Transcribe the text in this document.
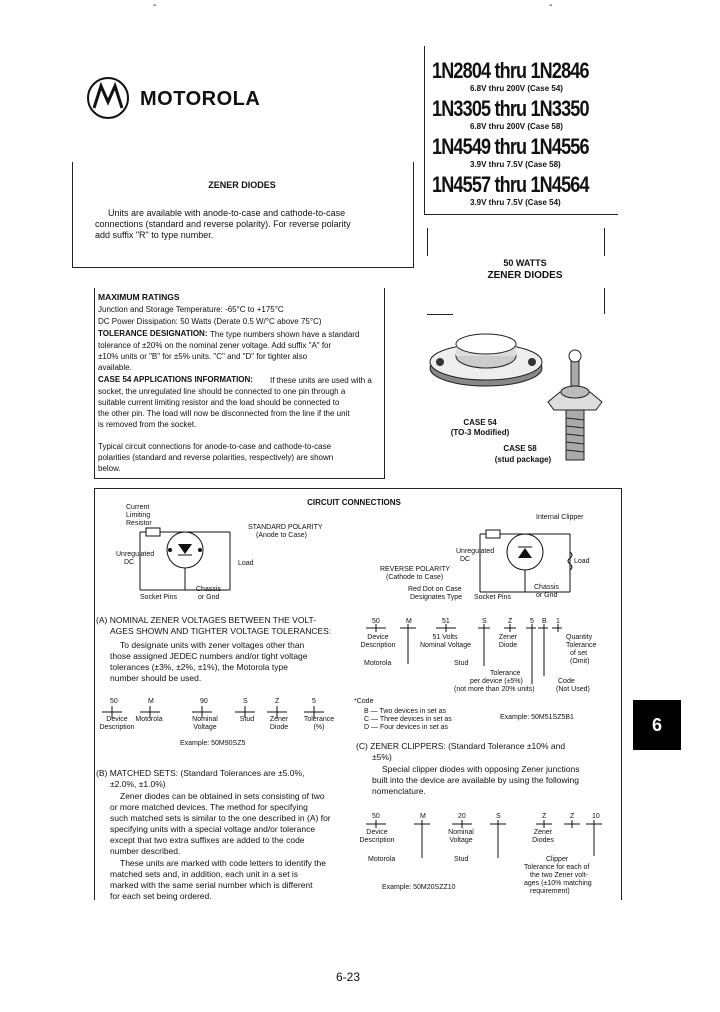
-	-
MOTOROLA
1N2804 thru 1N2846
6.8V thru 200V (Case 54)
1N3305 thru 1N3350
6.8V thru 200V (Case 58)
1N4549 thru 1N4556
3.9V thru 7.5V (Case 58)
1N4557 thru 1N4564
3.9V thru 7.5V (Case 54)
ZENER DIODES
Units are available with anode-to-case and cathode-to-case
connections (standard and reverse polarity). For reverse polarity
add suffix "R" to type number.
50 WATTS
ZENER DIODES
MAXIMUM RATINGS
Junction and Storage Temperature: -65°C to +175°C
DC Power Dissipation: 50 Watts (Derate 0.5 W/°C above 75°C)
TOLERANCE DESIGNATION: The type numbers shown have a standard
tolerance of ±20% on the nominal zener voltage. Add suffix "A" for
±10% units or "B" for ±5% units. "C" and "D" for tighter also
available.
CASE 54 APPLICATIONS INFORMATION: If these units are used with a
socket, the unregulated line should be connected to one pin through a
suitable current limiting resistor and the load should be connected to
the other pin. The load will now be disconnected from the line if the unit
is removed from the socket.
Typical circuit connections for anode-to-case and cathode-to-case
polarities (standard and reverse polarities, respectively) are shown
below.
CASE 54
(TO-3 Modified)
CASE 58
(stud package)
CIRCUIT CONNECTIONS
Current
Limiting
Resistor
Unregulated
DC	Load
Socket Pins
Chassis
or Gnd
STANDARD POLARITY
(Anode to Case)
Internal Clipper
Unregulated
DC	Load
Chassis
or Gnd
Red Dot on Case
Designates Type Socket Pins
REVERSE POLARITY
(Cathode to Case)
(A) NOMINAL ZENER VOLTAGES BETWEEN THE VOLT-
AGES SHOWN AND TIGHTER VOLTAGE TOLERANCES:
To designate units with zener voltages other than
those assigned JEDEC numbers and/or tight voltage
tolerances (±3%, ±2%, ±1%), the Motorola type
number should be used.
50	M	90	S	Z	5
Device
Description
Motorola	Nominal
Voltage
Stud	Zener
Diode
Tolerance
(%)
Example: 50M90SZ5
(B) MATCHED SETS: (Standard Tolerances are ±5.0%,
±2.0%, ±1.0%)
Zener diodes can be obtained in sets consisting of two
or more matched devices. The method for specifying
such matched sets is similar to the one described in (A) for
specifying units with a special voltage and/or tolerance
except that two extra suffixes are added to the code
number described.
These units are marked with code letters to identify the
matched sets and, in addition, each unit in a set is
marked with the same serial number which is different
for each set being ordered.
50	M	51	S	Z	5 B 1
Device
Description
51 Volts
Nominal Voltage
Zener
Diode
Quantity
Tolerance
of set
(Omit)
Motorola	Stud
Tolerance
per device (±5%)
(not more than 20% units)
Code
(Not Used)
*Code
B — Two devices in set as
C — Three devices in set as
D — Four devices in set as
Example: 50M51SZ5B1
(C) ZENER CLIPPERS: (Standard Tolerance ±10% and
±5%)
Special clipper diodes with opposing Zener junctions
built into the device are available by using the following
nomenclature.
50	M	20	S	Z	Z	10
Device
Description
Nominal
Voltage
Zener
Diodes
Motorola	Stud	Clipper
Tolerance for each of
the two Zener volt-
ages (±10% matching
requirement)
Example: 50M20SZZ10
6
6-23
